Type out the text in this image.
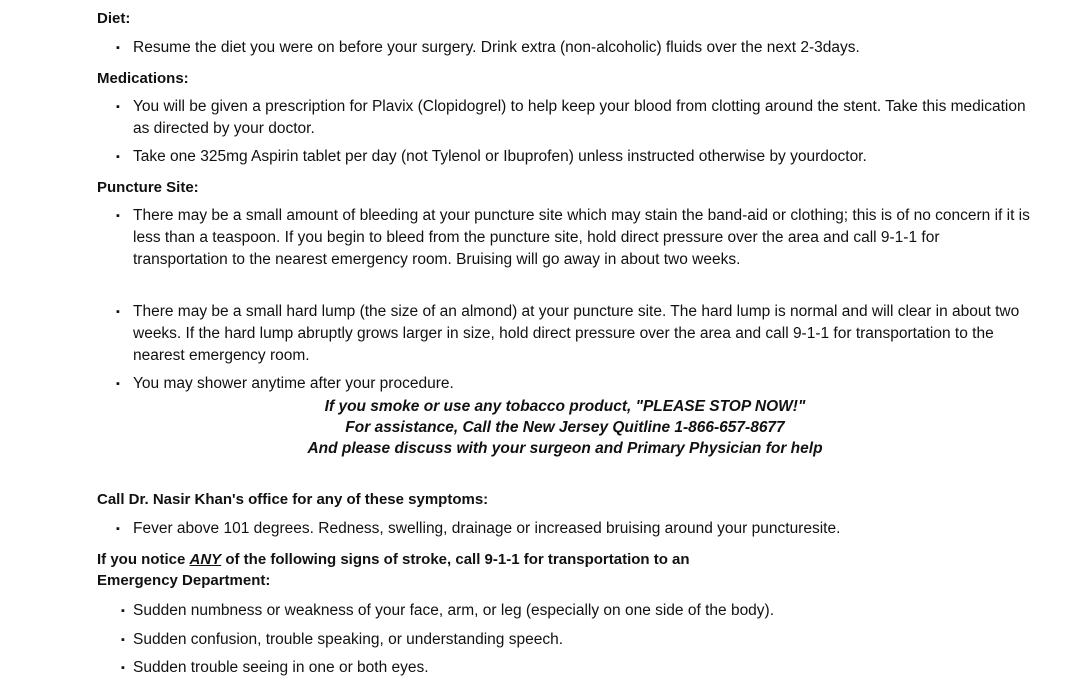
Diet:
▪ Resume the diet you were on before your surgery. Drink extra (non-alcoholic) fluids over the next 2-3days.
Medications:
▪ You will be given a prescription for Plavix (Clopidogrel) to help keep your blood from clotting around the stent. Take this medication as directed by your doctor.
▪ Take one 325mg Aspirin tablet per day (not Tylenol or Ibuprofen) unless instructed otherwise by yourdoctor.
Puncture Site:
▪ There may be a small amount of bleeding at your puncture site which may stain the band-aid or clothing; this is of no concern if it is less than a teaspoon. If you begin to bleed from the puncture site, hold direct pressure over the area and call 9-1-1 for transportation to the nearest emergency room. Bruising will go away in about two weeks.
▪ There may be a small hard lump (the size of an almond) at your puncture site. The hard lump is normal and will clear in about two weeks. If the hard lump abruptly grows larger in size, hold direct pressure over the area and call 9-1-1 for transportation to the nearest emergency room.
▪ You may shower anytime after your procedure.
If you smoke or use any tobacco product, "PLEASE STOP NOW!"
For assistance, Call the New Jersey Quitline 1-866-657-8677
And please discuss with your surgeon and Primary Physician for help
Call Dr. Nasir Khan's office for any of these symptoms:
▪ Fever above 101 degrees. Redness, swelling, drainage or increased bruising around your puncturesite.
If you notice ANY of the following signs of stroke, call 9-1-1 for transportation to an
Emergency Department:
▪ Sudden numbness or weakness of your face, arm, or leg (especially on one side of the body).
▪ Sudden confusion, trouble speaking, or understanding speech.
▪ Sudden trouble seeing in one or both eyes.
